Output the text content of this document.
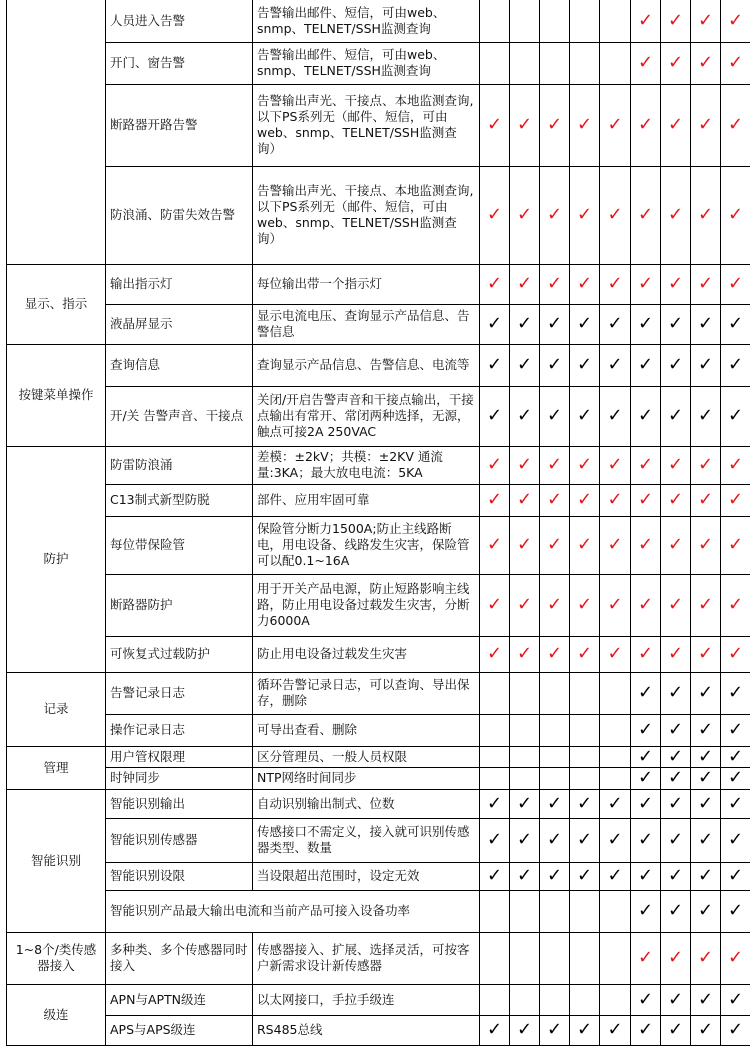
	人员进入告警	告警输出邮件、短信，可由web、snmp、TELNET/SSH监测查询						✓	✓	✓	✓
	开门、窗告警	告警输出邮件、短信，可由web、snmp、TELNET/SSH监测查询						✓	✓	✓	✓
	断路器开路告警	告警输出声光、干接点、本地监测查询,以下PS系列无（邮件、短信，可由web、snmp、TELNET/SSH监测查询）	✓	✓	✓	✓	✓	✓	✓	✓	✓
	防浪涌、防雷失效告警	告警输出声光、干接点、本地监测查询,以下PS系列无（邮件、短信，可由web、snmp、TELNET/SSH监测查询）	✓	✓	✓	✓	✓	✓	✓	✓	✓
显示、指示	输出指示灯	每位输出带一个指示灯	✓	✓	✓	✓	✓	✓	✓	✓	✓
	液晶屏显示	显示电流电压、查询显示产品信息、告警信息	✓	✓	✓	✓	✓	✓	✓	✓	✓
按键菜单操作	查询信息	查询显示产品信息、告警信息、电流等	✓	✓	✓	✓	✓	✓	✓	✓	✓
	开/关 告警声音、干接点	关闭/开启告警声音和干接点输出，干接点输出有常开、常闭两种选择，无源，触点可接2A 250VAC	✓	✓	✓	✓	✓	✓	✓	✓	✓
防护	防雷防浪涌	差模：±2kV；共模：±2KV 通流量:3KA；最大放电电流：5KA	✓	✓	✓	✓	✓	✓	✓	✓	✓
	C13制式新型防脱	部件、应用牢固可靠	✓	✓	✓	✓	✓	✓	✓	✓	✓
	每位带保险管	保险管分断力1500A;防止主线路断电，用电设备、线路发生灾害，保险管可以配0.1~16A	✓	✓	✓	✓	✓	✓	✓	✓	✓
	断路器防护	用于开关产品电源，防止短路影响主线路，防止用电设备过载发生灾害，分断力6000A	✓	✓	✓	✓	✓	✓	✓	✓	✓
	可恢复式过载防护	防止用电设备过载发生灾害	✓	✓	✓	✓	✓	✓	✓	✓	✓
记录	告警记录日志	循环告警记录日志，可以查询、导出保存，删除						✓	✓	✓	✓
	操作记录日志	可导出查看、删除						✓	✓	✓	✓
管理	用户管权限理	区分管理员、一般人员权限						✓	✓	✓	✓
	时钟同步	NTP网络时间同步						✓	✓	✓	✓
智能识别	智能识别输出	自动识别输出制式、位数	✓	✓	✓	✓	✓	✓	✓	✓	✓
	智能识别传感器	传感接口不需定义，接入就可识别传感器类型、数量	✓	✓	✓	✓	✓	✓	✓	✓	✓
	智能识别设限	当设限超出范围时，设定无效	✓	✓	✓	✓	✓	✓	✓	✓	✓
	智能识别产品最大输出电流和当前产品可接入设备功率							✓	✓	✓	✓
1~8个/类传感器接入	多种类、多个传感器同时接入	传感器接入、扩展、选择灵活，可按客户新需求设计新传感器						✓	✓	✓	✓
级连	APN与APTN级连	以太网接口，手拉手级连						✓	✓	✓	✓
	APS与APS级连	RS485总线	✓	✓	✓	✓	✓	✓	✓	✓	✓
